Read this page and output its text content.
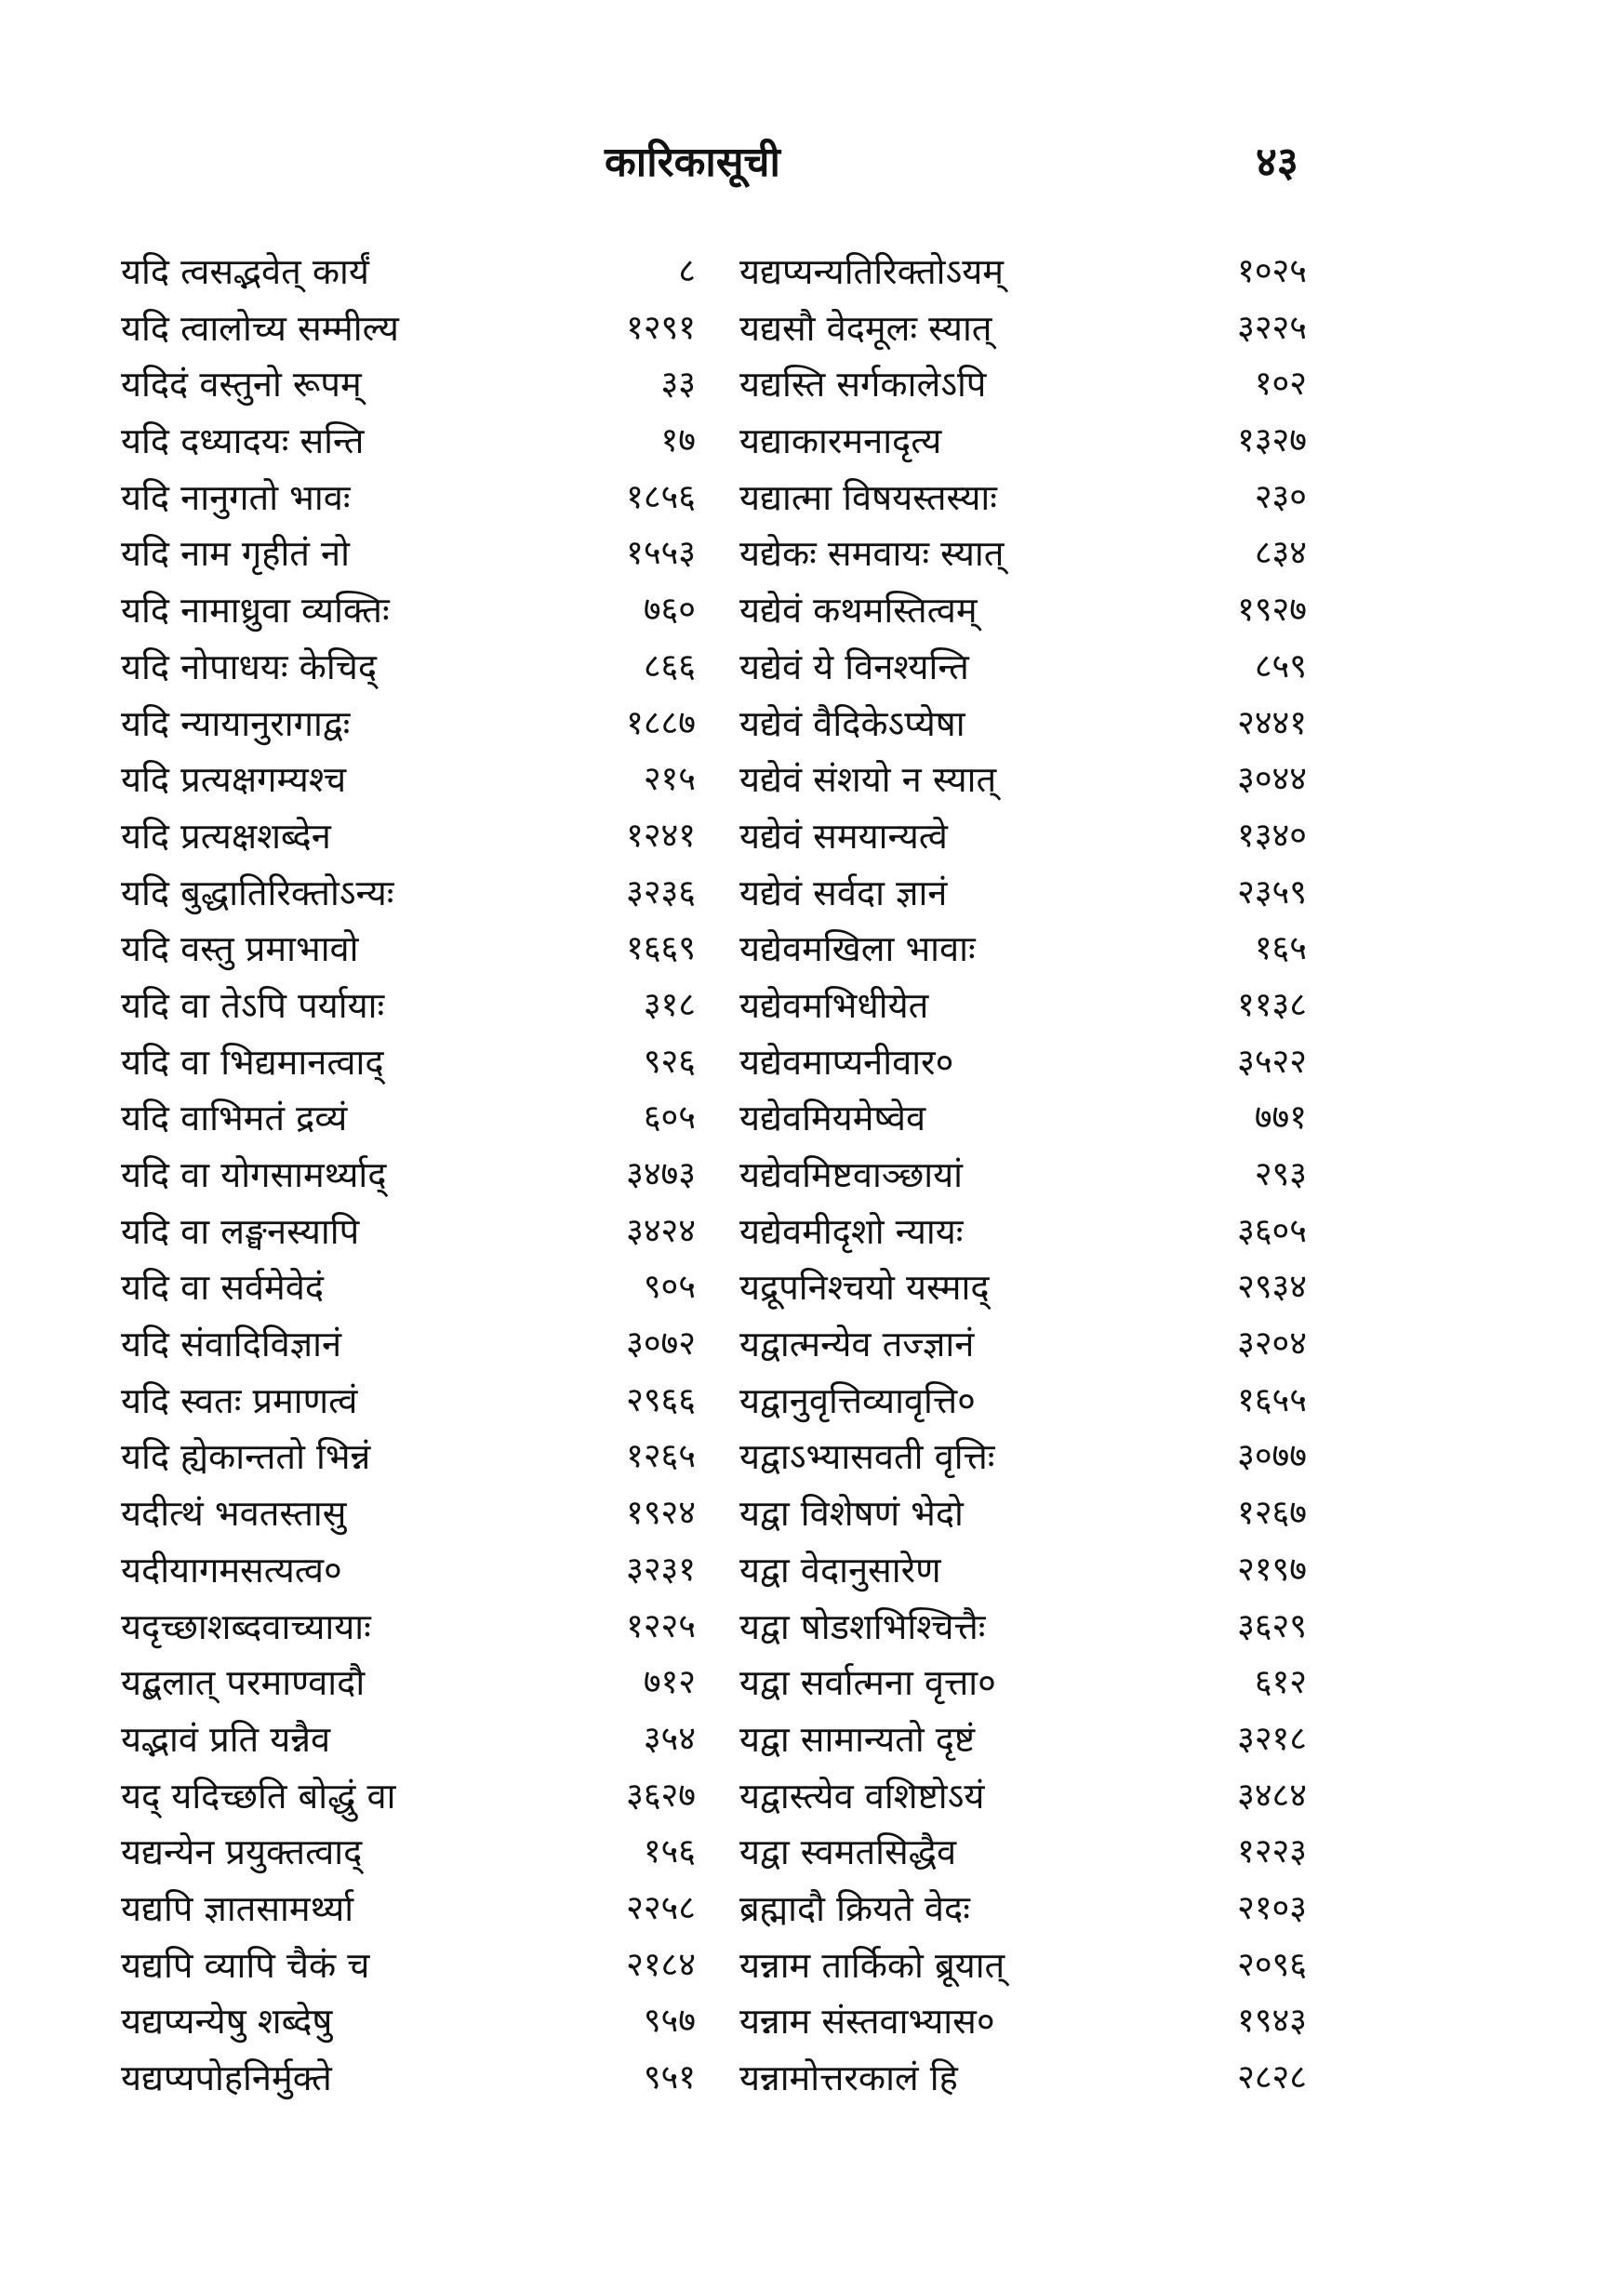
कारिकासूची	४३
यदि त्वसद्भवेत् कार्यं	८
यदि त्वालोच्य सम्मील्य	१२९१
यदिदं वस्तुनो रूपम्	३३
यदि दध्यादयः सन्ति	१७
यदि नानुगतो भावः	१८५६
यदि नाम गृहीतं नो	१५५३
यदि नामाध्रुवा व्यक्तिः	७६०
यदि नोपाधयः केचिद्	८६६
यदि न्यायानुरागाद्वः	१८८७
यदि प्रत्यक्षगम्यश्च	२१५
यदि प्रत्यक्षशब्देन	१२४१
यदि बुद्धातिरिक्तोऽन्यः	३२३६
यदि वस्तु प्रमाभावो	१६६९
यदि वा तेऽपि पर्यायाः	३१८
यदि वा भिद्यमानत्वाद्	९२६
यदि वाभिमतं द्रव्यं	६०५
यदि वा योगसामर्थ्याद्	३४७३
यदि वा लङ्घनस्यापि	३४२४
यदि वा सर्वमेवेदं	९०५
यदि संवादिविज्ञानं	३०७२
यदि स्वतः प्रमाणत्वं	२९६६
यदि ह्येकान्ततो भिन्नं	१२६५
यदीत्थं भवतस्तासु	१९२४
यदीयागमसत्यत्व०	३२३१
यदृच्छाशब्दवाच्यायाः	१२२५
यद्बलात् परमाण्वादौ	७१२
यद्भावं प्रति यन्नैव	३५४
यद् यदिच्छति बोद्धुं वा	३६२७
यद्यन्येन प्रयुक्तत्वाद्	१५६
यद्यपि ज्ञातसामर्थ्या	२२५८
यद्यपि व्यापि चैकं च	२१८४
यद्यप्यन्येषु शब्देषु	९५७
यद्यप्यपोहनिर्मुक्ते	९५१
यद्यप्यन्यतिरिक्तोऽयम्	१०२५
यद्यसौ वेदमूलः स्यात्	३२२५
यद्यस्ति सर्गकालेऽपि	१०२
यद्याकारमनादृत्य	१३२७
यद्यात्मा विषयस्तस्याः	२३०
यद्येकः समवायः स्यात्	८३४
यद्येवं कथमस्तित्वम्	१९२७
यद्येवं ये विनश्यन्ति	८५९
यद्येवं वैदिकेऽप्येषा	२४४१
यद्येवं संशयो न स्यात्	३०४४
यद्येवं समयान्यत्वे	१३४०
यद्येवं सर्वदा ज्ञानं	२३५९
यद्येवमखिला भावाः	१६५
यद्येवमभिधीयेत	११३८
यद्येवमाप्यनीवार०	३५२२
यद्येवमियमेष्वेव	७७१
यद्येवमिष्टवाञ्छायां	२९३
यद्येवमीदृशो न्यायः	३६०५
यद्रूपनिश्चयो यस्माद्	२९३४
यद्वात्मन्येव तज्ज्ञानं	३२०४
यद्वानुवृत्तिव्यावृत्ति०	१६५५
यद्वाऽभ्यासवती वृत्तिः	३०७७
यद्वा विशेषणं भेदो	१२६७
यद्वा वेदानुसारेण	२१९७
यद्वा षोडशभिश्चित्तैः	३६२९
यद्वा सर्वात्मना वृत्ता०	६१२
यद्वा सामान्यतो दृष्टं	३२१८
यद्वास्त्येव वशिष्टोऽयं	३४८४
यद्वा स्वमतसिद्धैव	१२२३
ब्रह्मादौ क्रियते वेदः	२१०३
यन्नाम तार्किको ब्रूयात्	२०९६
यन्नाम संस्तवाभ्यास०	१९४३
यन्नामोत्तरकालं हि	२८२८
